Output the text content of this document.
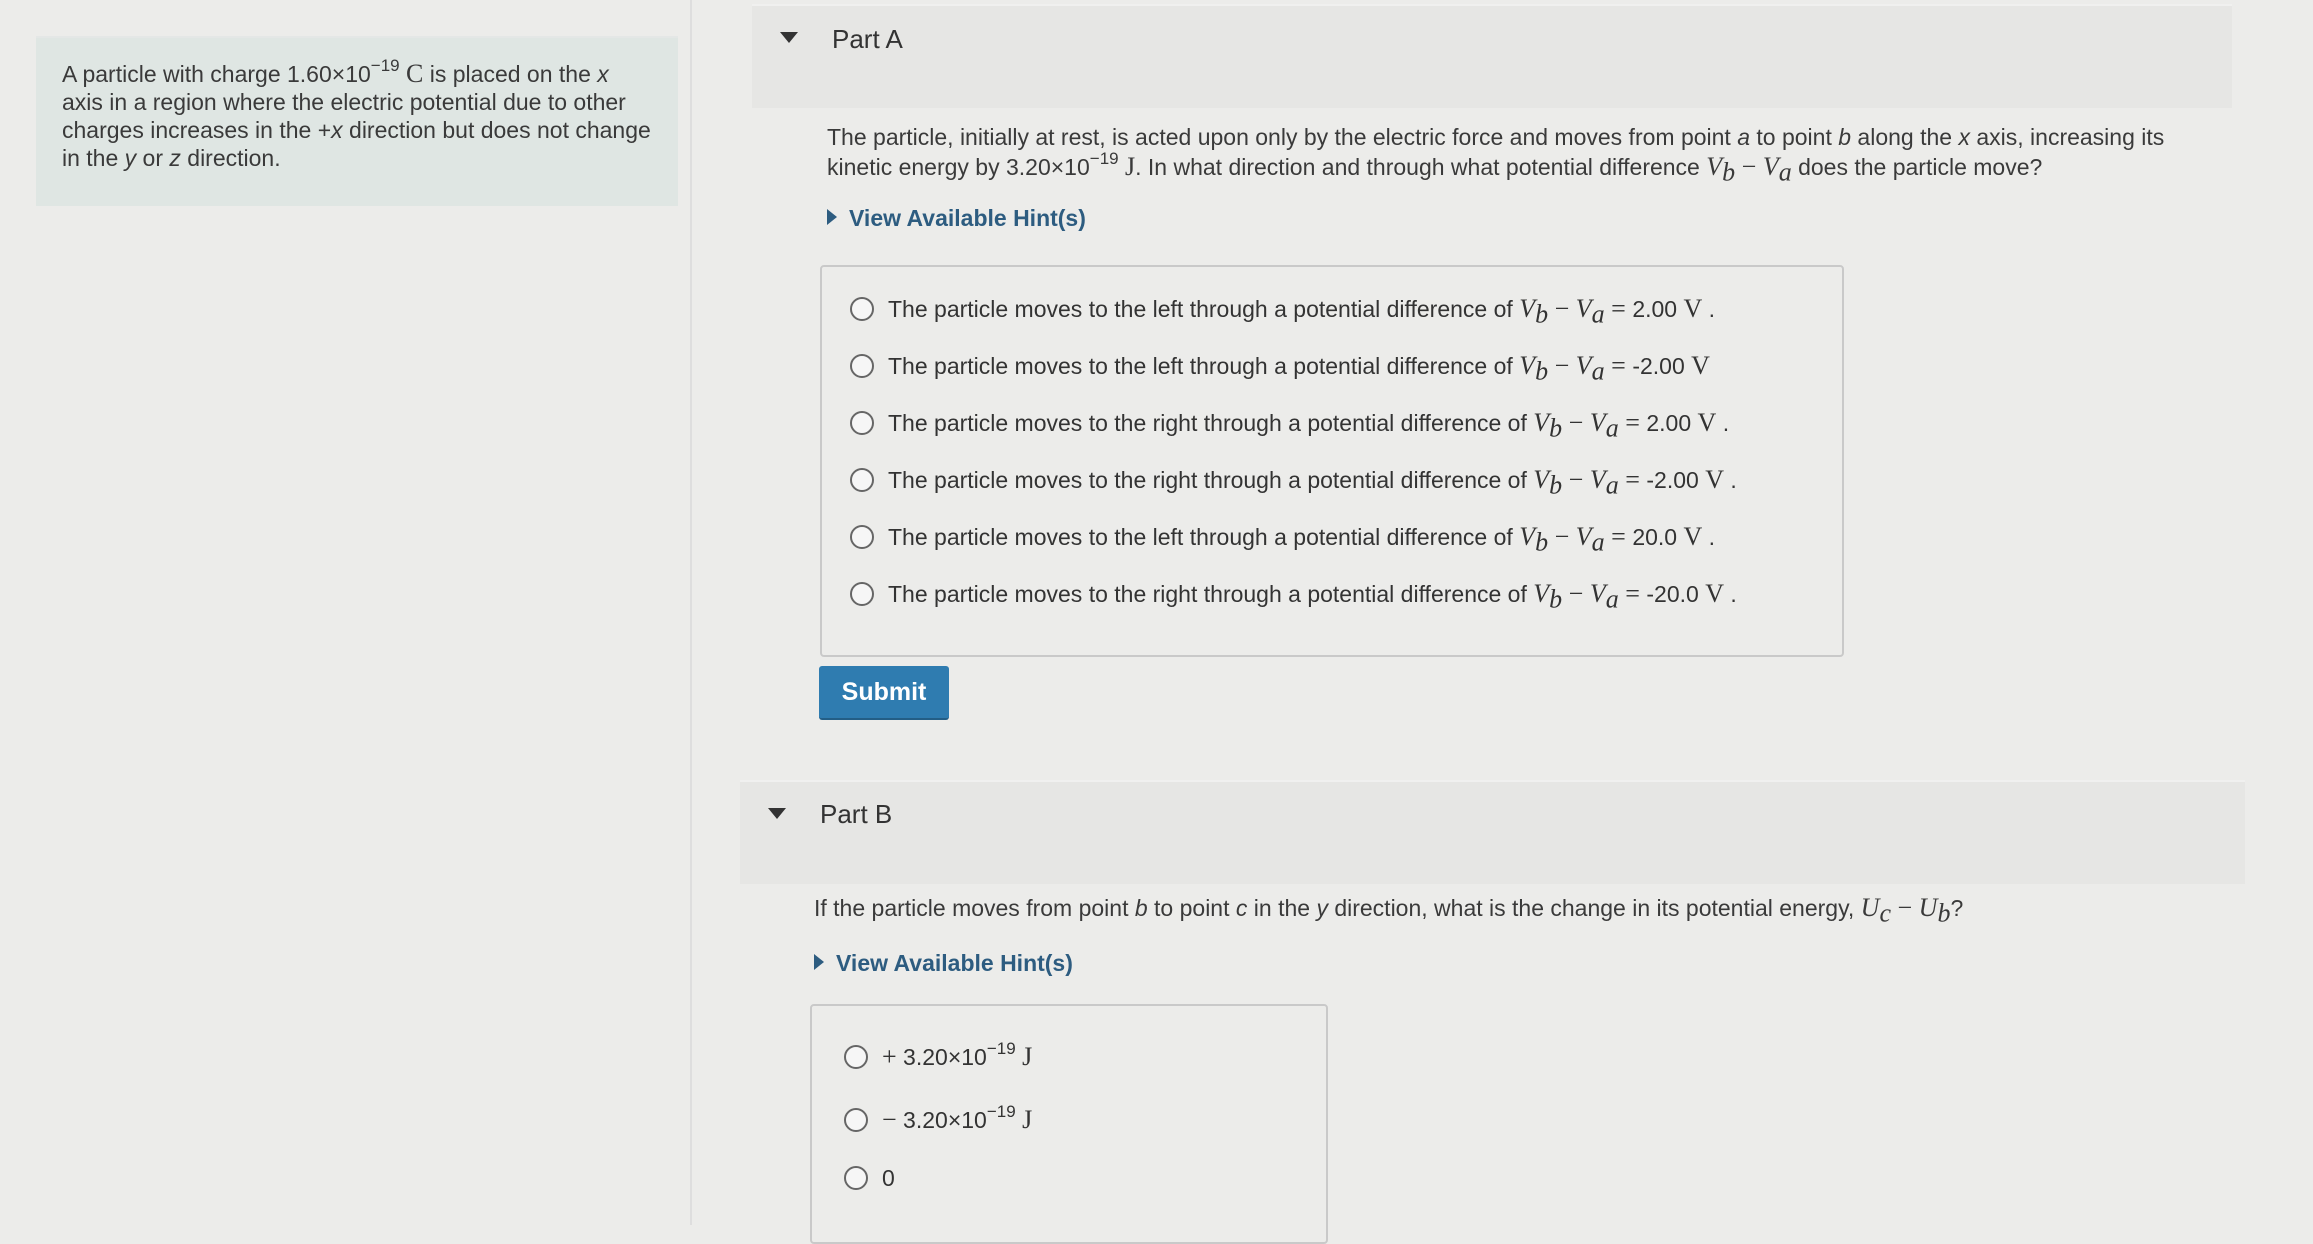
A particle with charge $1.60\times 10^{-19}$ C is placed on the x axis in a region where the electric potential due to other charges increases in the +x direction but does not change in the y or z direction.
Part A
The particle, initially at rest, is acted upon only by the electric force and moves from point a to point b along the x axis, increasing its kinetic energy by $3.20\times 10^{-19}$ J. In what direction and through what potential difference $V_b - V_a$ does the particle move?
View Available Hint(s)
The particle moves to the left through a potential difference of $V_b - V_a = 2.00$ V .
The particle moves to the left through a potential difference of $V_b - V_a = -2.00$ V
The particle moves to the right through a potential difference of $V_b - V_a = 2.00$ V .
The particle moves to the right through a potential difference of $V_b - V_a = -2.00$ V .
The particle moves to the left through a potential difference of $V_b - V_a = 20.0$ V .
The particle moves to the right through a potential difference of $V_b - V_a = -20.0$ V .
Submit
Part B
If the particle moves from point b to point c in the y direction, what is the change in its potential energy, $U_c - U_b$?
View Available Hint(s)
+ $3.20\times 10^{-19}$ J
− $3.20\times 10^{-19}$ J
0
